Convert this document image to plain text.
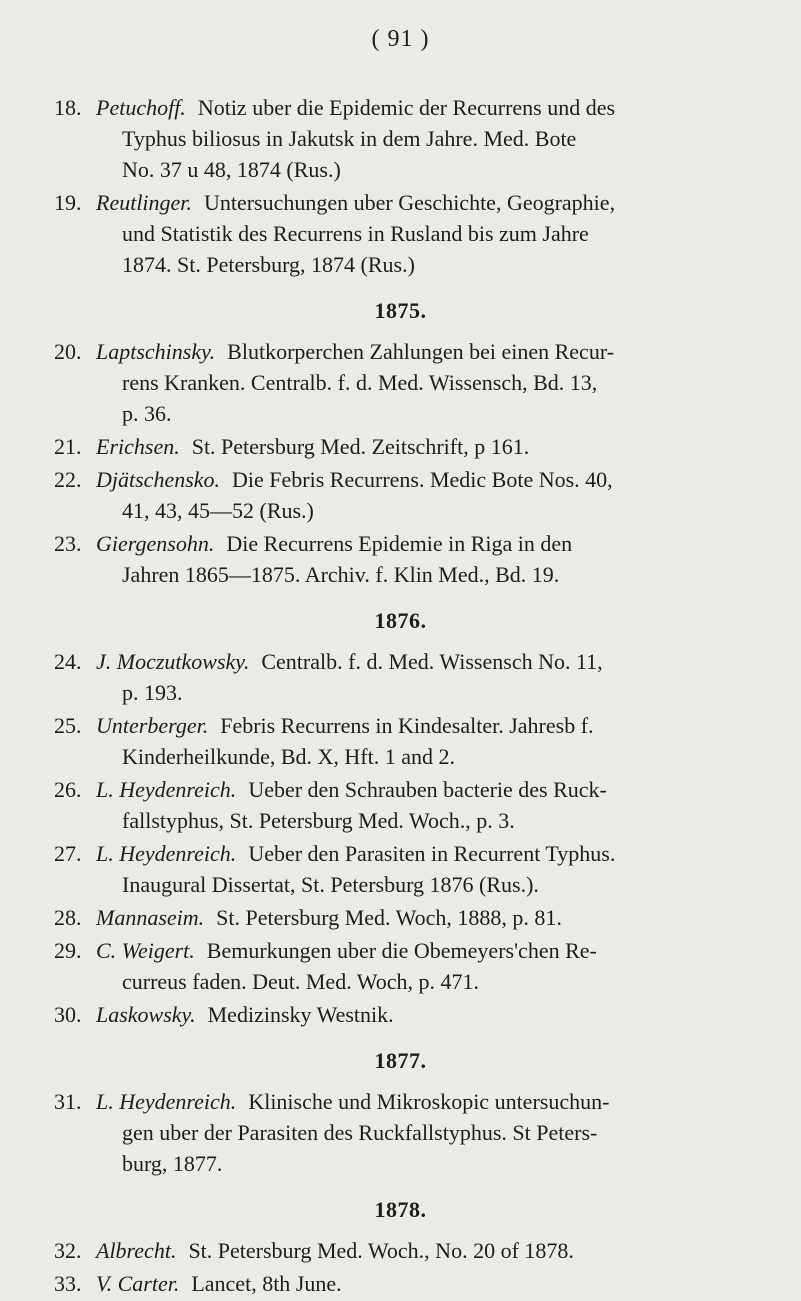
( 91 )
18. Petuchoff. Notiz uber die Epidemic der Recurrens und des
Typhus biliosus in Jakutsk in dem Jahre. Med. Bote
No. 37 u 48, 1874 (Rus.)
19. Reutlinger. Untersuchungen uber Geschichte, Geographie,
und Statistik des Recurrens in Rusland bis zum Jahre
1874. St. Petersburg, 1874 (Rus.)
1875.
20. Laptschinsky. Blutkorperchen Zahlungen bei einen Recur-
rens Kranken. Centralb. f. d. Med. Wissensch, Bd. 13,
p. 36.
21. Erichsen. St. Petersburg Med. Zeitschrift, p 161.
22. Djätschensko. Die Febris Recurrens. Medic Bote Nos. 40,
41, 43, 45—52 (Rus.)
23. Giergensohn. Die Recurrens Epidemie in Riga in den
Jahren 1865—1875. Archiv. f. Klin Med., Bd. 19.
1876.
24. J. Moczutkowsky. Centralb. f. d. Med. Wissensch No. 11,
p. 193.
25. Unterberger. Febris Recurrens in Kindesalter. Jahresb f.
Kinderheilkunde, Bd. X, Hft. 1 and 2.
26. L. Heydenreich. Ueber den Schrauben bacterie des Ruck-
fallstyphus, St. Petersburg Med. Woch., p. 3.
27. L. Heydenreich. Ueber den Parasiten in Recurrent Typhus.
Inaugural Dissertat, St. Petersburg 1876 (Rus.).
28. Mannaseim. St. Petersburg Med. Woch, 1888, p. 81.
29. C. Weigert. Bemurkungen uber die Obemeyers'chen Re-
curreus faden. Deut. Med. Woch, p. 471.
30. Laskowsky. Medizinsky Westnik.
1877.
31. L. Heydenreich. Klinische und Mikroskopic untersuchun-
gen uber der Parasiten des Ruckfallstyphus. St Peters-
burg, 1877.
1878.
32. Albrecht. St. Petersburg Med. Woch., No. 20 of 1878.
33. V. Carter. Lancet, 8th June.
